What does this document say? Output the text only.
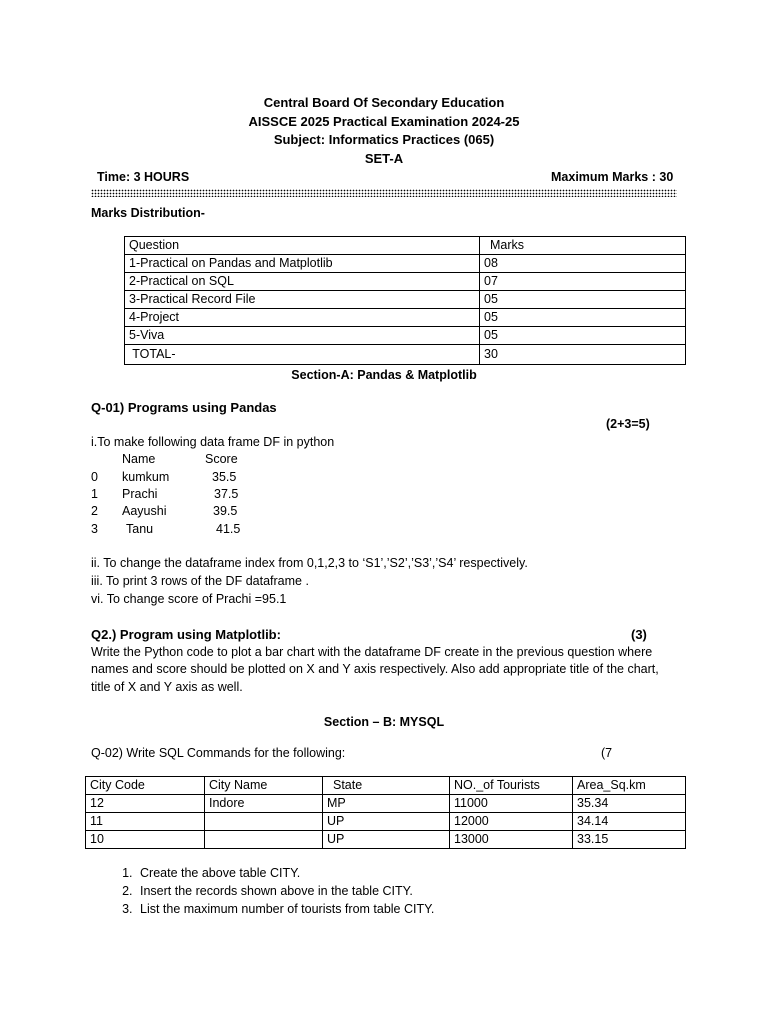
Central Board Of Secondary Education
AISSCE 2025 Practical Examination 2024-25
Subject: Informatics Practices (065)
SET-A
Time: 3 HOURS	Maximum Marks : 30
Marks Distribution-
Question	Marks
1-Practical on Pandas and Matplotlib	08
2-Practical on SQL	07
3-Practical Record File	05
4-Project	05
5-Viva	05
TOTAL-	30
Section-A: Pandas & Matplotlib
Q-01) Programs using Pandas
(2+3=5)
i.To make following data frame DF in python
Name	Score
0 kumkum	35.5
1 Prachi	37.5
2 Aayushi	39.5
3 Tanu	41.5
ii. To change the dataframe index from 0,1,2,3 to ‘S1’,’S2’,’S3’,’S4’ respectively.
iii. To print 3 rows of the DF dataframe .
vi. To change score of Prachi =95.1
Q2.) Program using Matplotlib:	(3)
Write the Python code to plot a bar chart with the dataframe DF create in the previous question where
names and score should be plotted on X and Y axis respectively. Also add appropriate title of the chart,
title of X and Y axis as well.
Section – B: MYSQL
Q-02) Write SQL Commands for the following:	(7
City Code	City Name	State	NO._of Tourists	Area_Sq.km
12	Indore	MP	11000	35.34
11		UP	12000	34.14
10		UP	13000	33.15
1. Create the above table CITY.
2. Insert the records shown above in the table CITY.
3. List the maximum number of tourists from table CITY.
